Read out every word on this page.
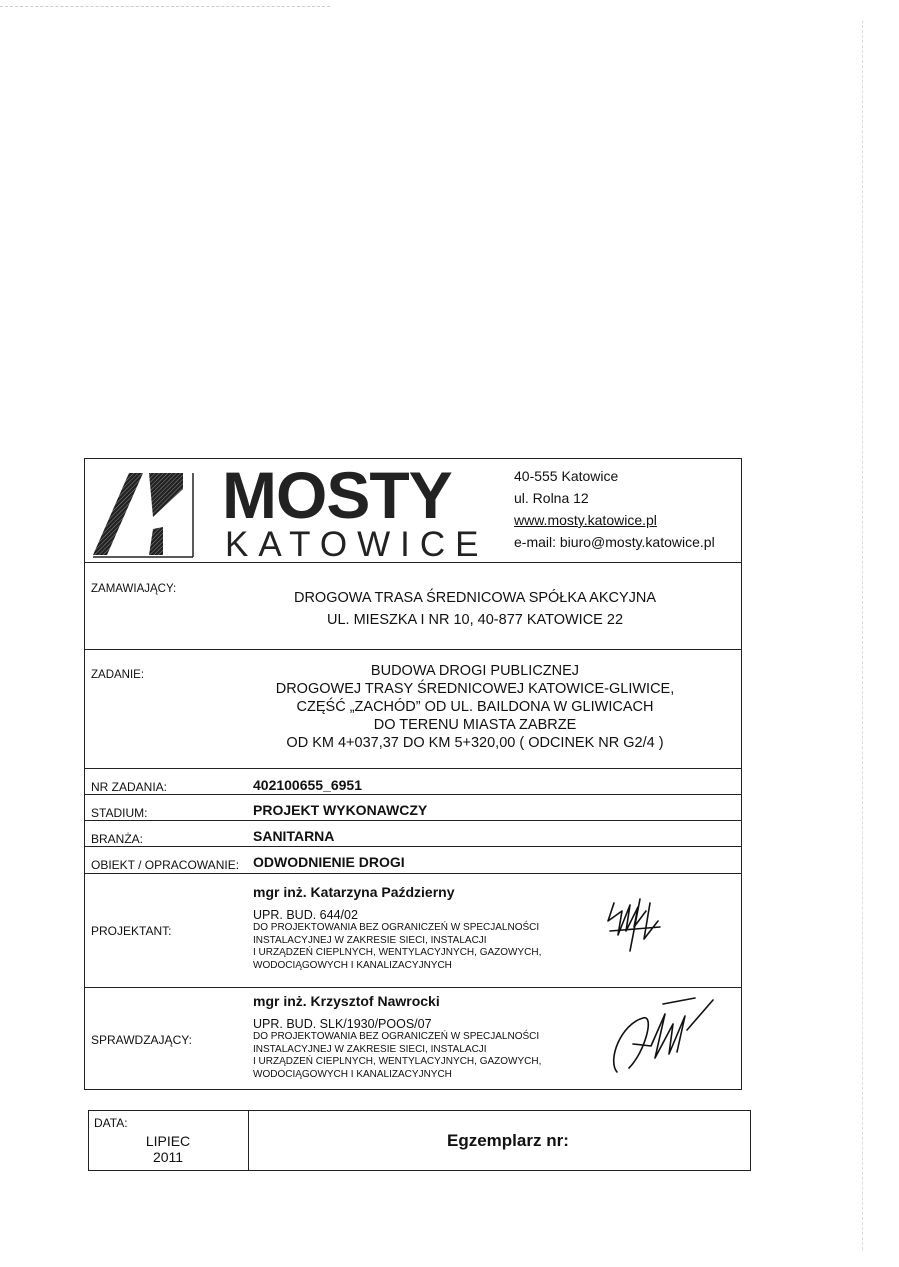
MOSTY
KATOWICE
40-555 Katowice
ul. Rolna 12
www.mosty.katowice.pl
e-mail: biuro@mosty.katowice.pl
ZAMAWIAJĄCY:
DROGOWA TRASA ŚREDNICOWA SPÓŁKA AKCYJNA
UL. MIESZKA I NR 10, 40-877 KATOWICE 22
ZADANIE:	BUDOWA DROGI PUBLICZNEJ
DROGOWEJ TRASY ŚREDNICOWEJ KATOWICE-GLIWICE,
CZĘŚĆ „ZACHÓD” OD UL. BAILDONA W GLIWICACH
DO TERENU MIASTA ZABRZE
OD KM 4+037,37 DO KM 5+320,00 ( ODCINEK NR G2/4 )
NR ZADANIA:	402100655_6951
STADIUM:	PROJEKT WYKONAWCZY
BRANŻA:	SANITARNA
OBIEKT / OPRACOWANIE: ODWODNIENIE DROGI
PROJEKTANT:
mgr inż. Katarzyna Październy
UPR. BUD. 644/02
DO PROJEKTOWANIA BEZ OGRANICZEŃ W SPECJALNOŚCI
INSTALACYJNEJ W ZAKRESIE SIECI, INSTALACJI
I URZĄDZEŃ CIEPLNYCH, WENTYLACYJNYCH, GAZOWYCH,
WODOCIĄGOWYCH I KANALIZACYJNYCH
SPRAWDZAJĄCY:
mgr inż. Krzysztof Nawrocki
UPR. BUD. SLK/1930/POOS/07
DO PROJEKTOWANIA BEZ OGRANICZEŃ W SPECJALNOŚCI
INSTALACYJNEJ W ZAKRESIE SIECI, INSTALACJI
I URZĄDZEŃ CIEPLNYCH, WENTYLACYJNYCH, GAZOWYCH,
WODOCIĄGOWYCH I KANALIZACYJNYCH
DATA:
LIPIEC
2011
Egzemplarz nr:
